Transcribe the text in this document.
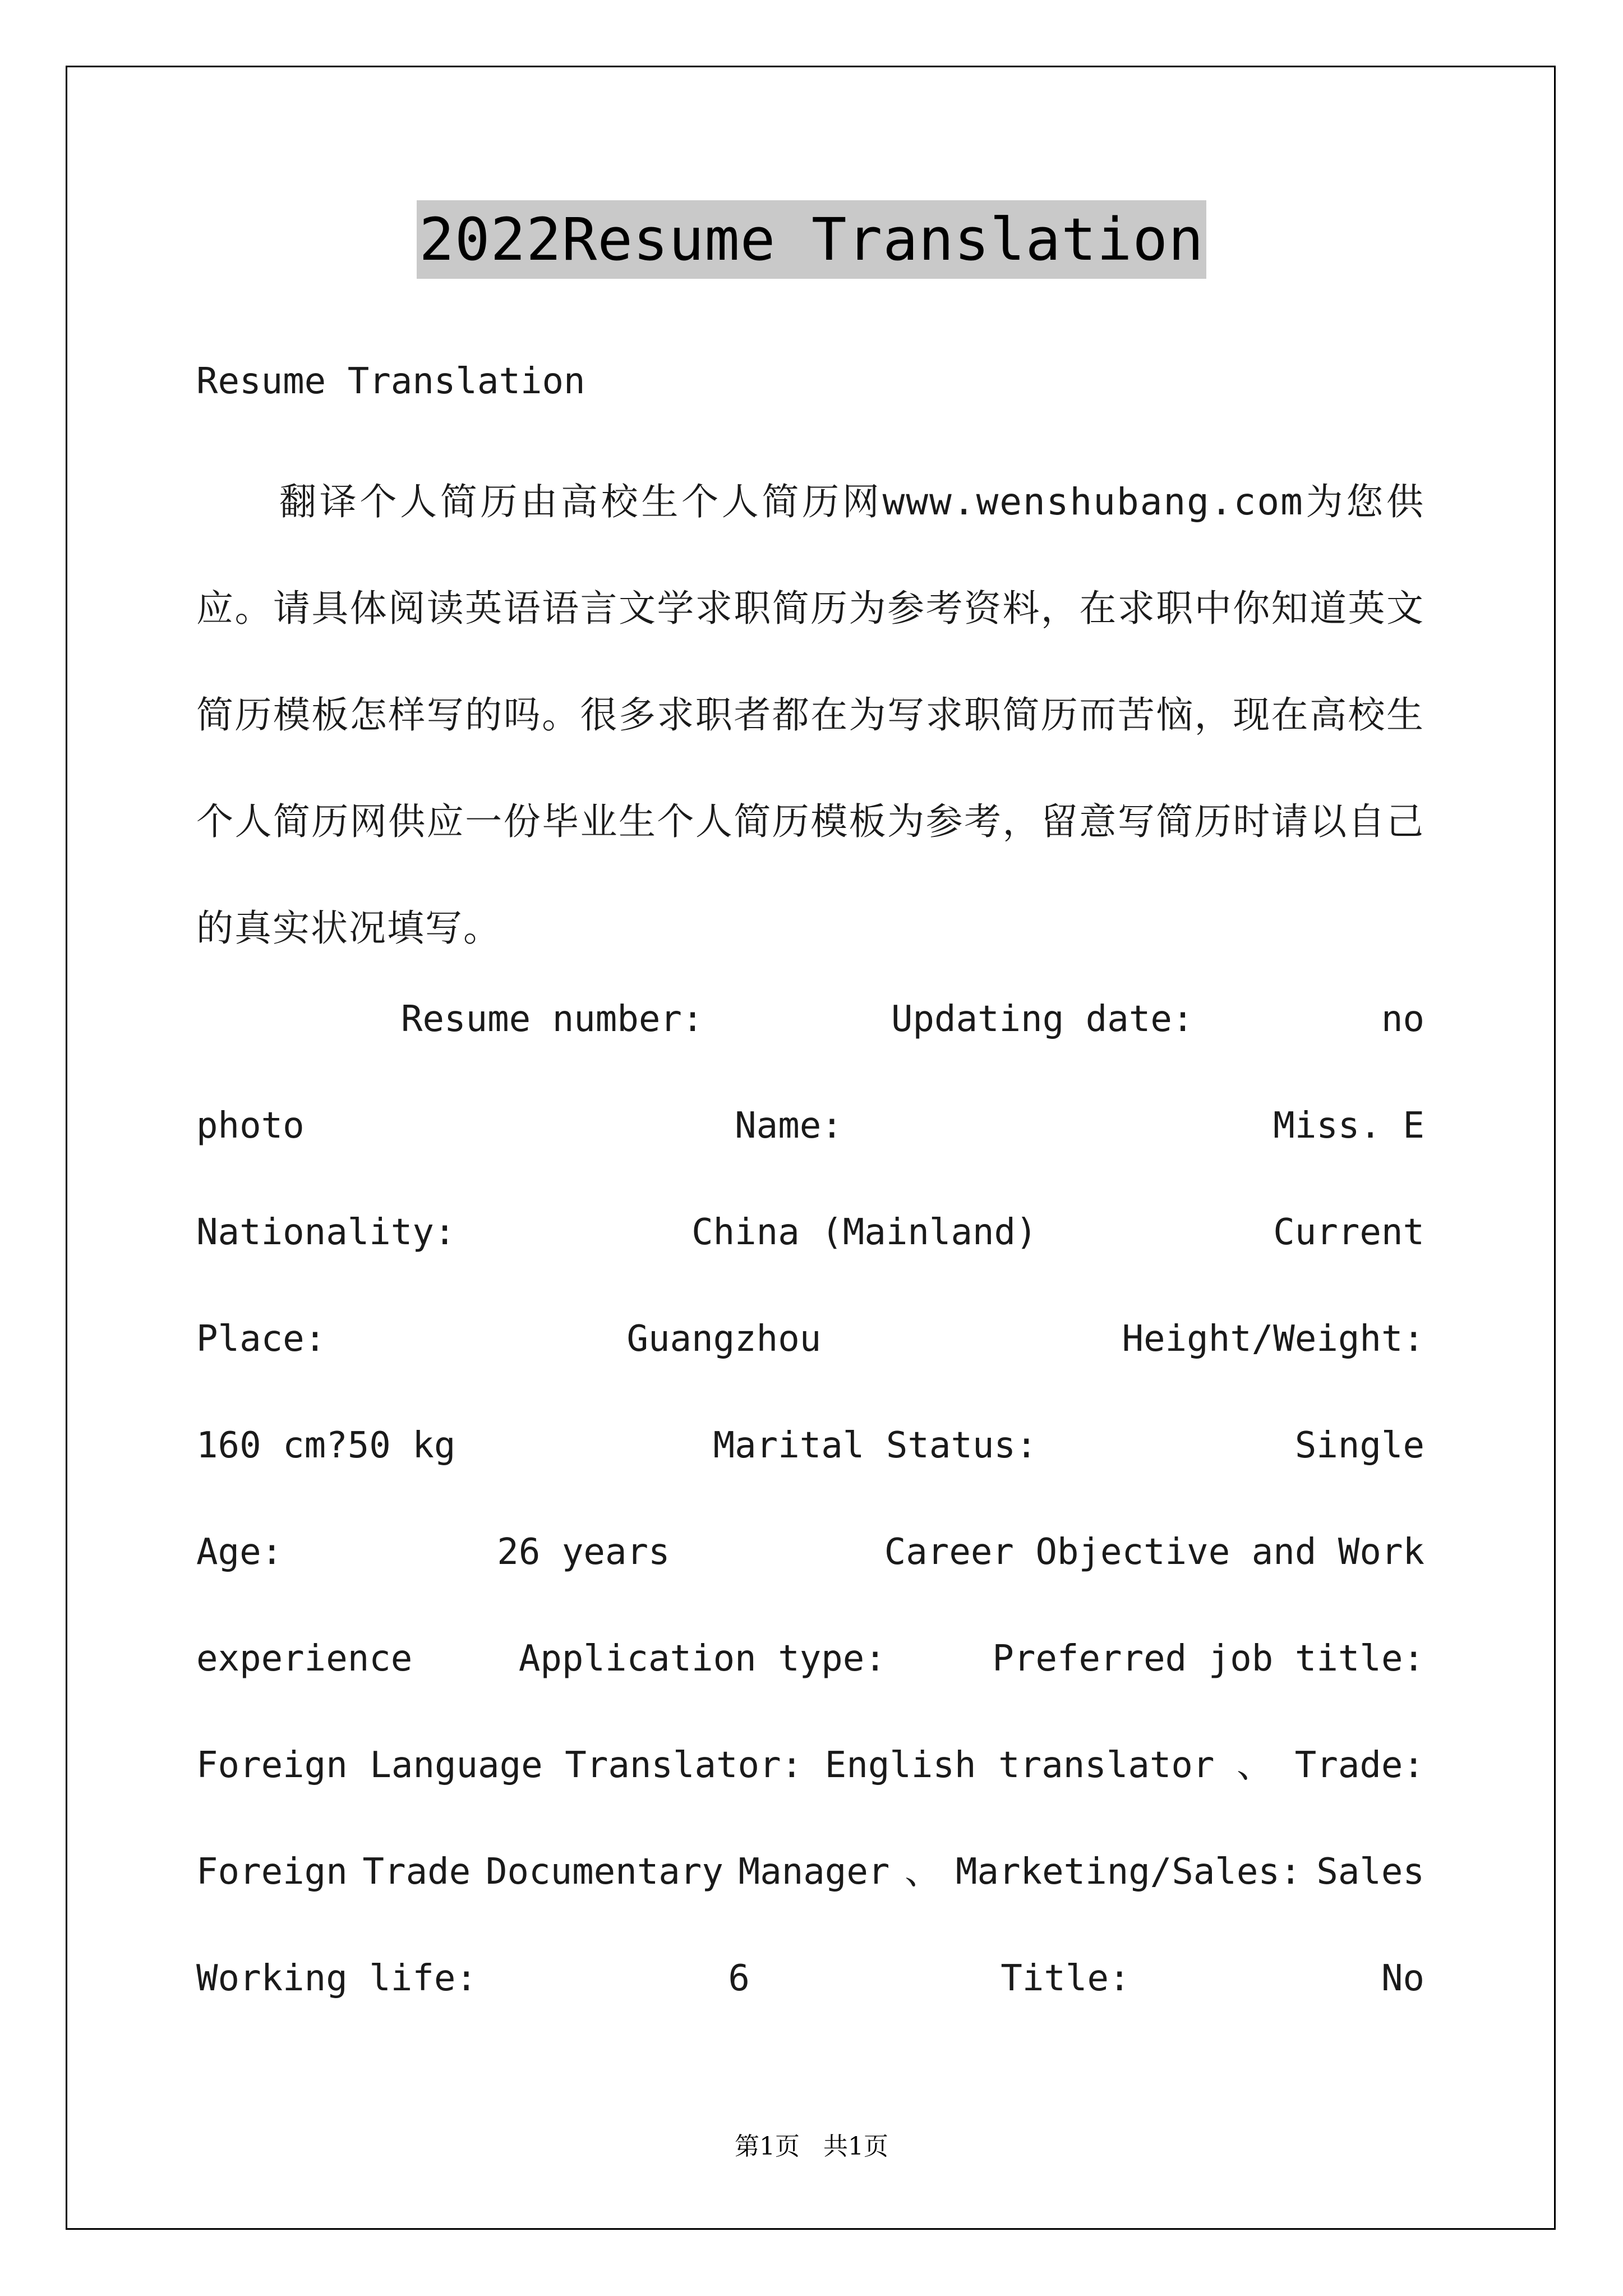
2022Resume Translation
Resume Translation
翻译个人简历由高校生个人简历网www.wenshubang.com为您供应。请具体阅读英语语言文学求职简历为参考资料，在求职中你知道英文简历模板怎样写的吗。很多求职者都在为写求职简历而苦恼，现在高校生个人简历网供应一份毕业生个人简历模板为参考，留意写简历时请以自己的真实状况填写。
Resume number:	Updating date:	no
photo	Name:	Miss. E
Nationality:	China (Mainland)	Current
Place:	Guangzhou	Height/Weight:
160 cm?50 kg	Marital Status:	Single
Age:	26 years	Career Objective and Work
experience	Application type:	Preferred job title:
Foreign Language Translator: English translator 、 Trade:
Foreign Trade Documentary Manager 、 Marketing/Sales: Sales
Working life:	6	Title:	No
第1页 共1页
